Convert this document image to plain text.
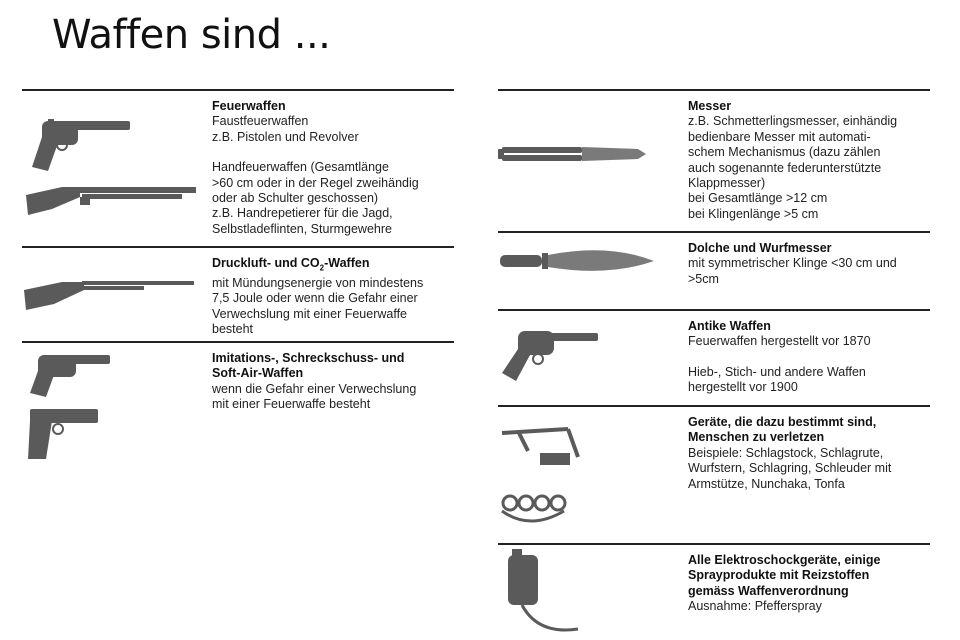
Waffen sind ...
Feuerwaffen
Faustfeuerwaffen
z.B. Pistolen und Revolver
Handfeuerwaffen (Gesamtlänge
>60 cm oder in der Regel zweihändig
oder ab Schulter geschossen)
z.B. Handrepetierer für die Jagd,
Selbstladeflinten, Sturmgewehre
Druckluft- und $CO_2$-Waffen
mit Mündungsenergie von mindestens
7,5 Joule oder wenn die Gefahr einer
Verwechslung mit einer Feuerwaffe
besteht
Imitations-, Schreckschuss- und
Soft-Air-Waffen
wenn die Gefahr einer Verwechslung
mit einer Feuerwaffe besteht
Messer
z.B. Schmetterlingsmesser, einhändig
bedienbare Messer mit automati-
schem Mechanismus (dazu zählen
auch sogenannte federunterstützte
Klappmesser)
bei Gesamtlänge >12 cm
bei Klingenlänge >5 cm
Dolche und Wurfmesser
mit symmetrischer Klinge <30 cm und
>5cm
Antike Waffen
Feuerwaffen hergestellt vor 1870
Hieb-, Stich- und andere Waffen
hergestellt vor 1900
Geräte, die dazu bestimmt sind,
Menschen zu verletzen
Beispiele: Schlagstock, Schlagrute,
Wurfstern, Schlagring, Schleuder mit
Armstütze, Nunchaka, Tonfa
Alle Elektroschockgeräte, einige
Sprayprodukte mit Reizstoffen
gemäss Waffenverordnung
Ausnahme: Pfefferspray
